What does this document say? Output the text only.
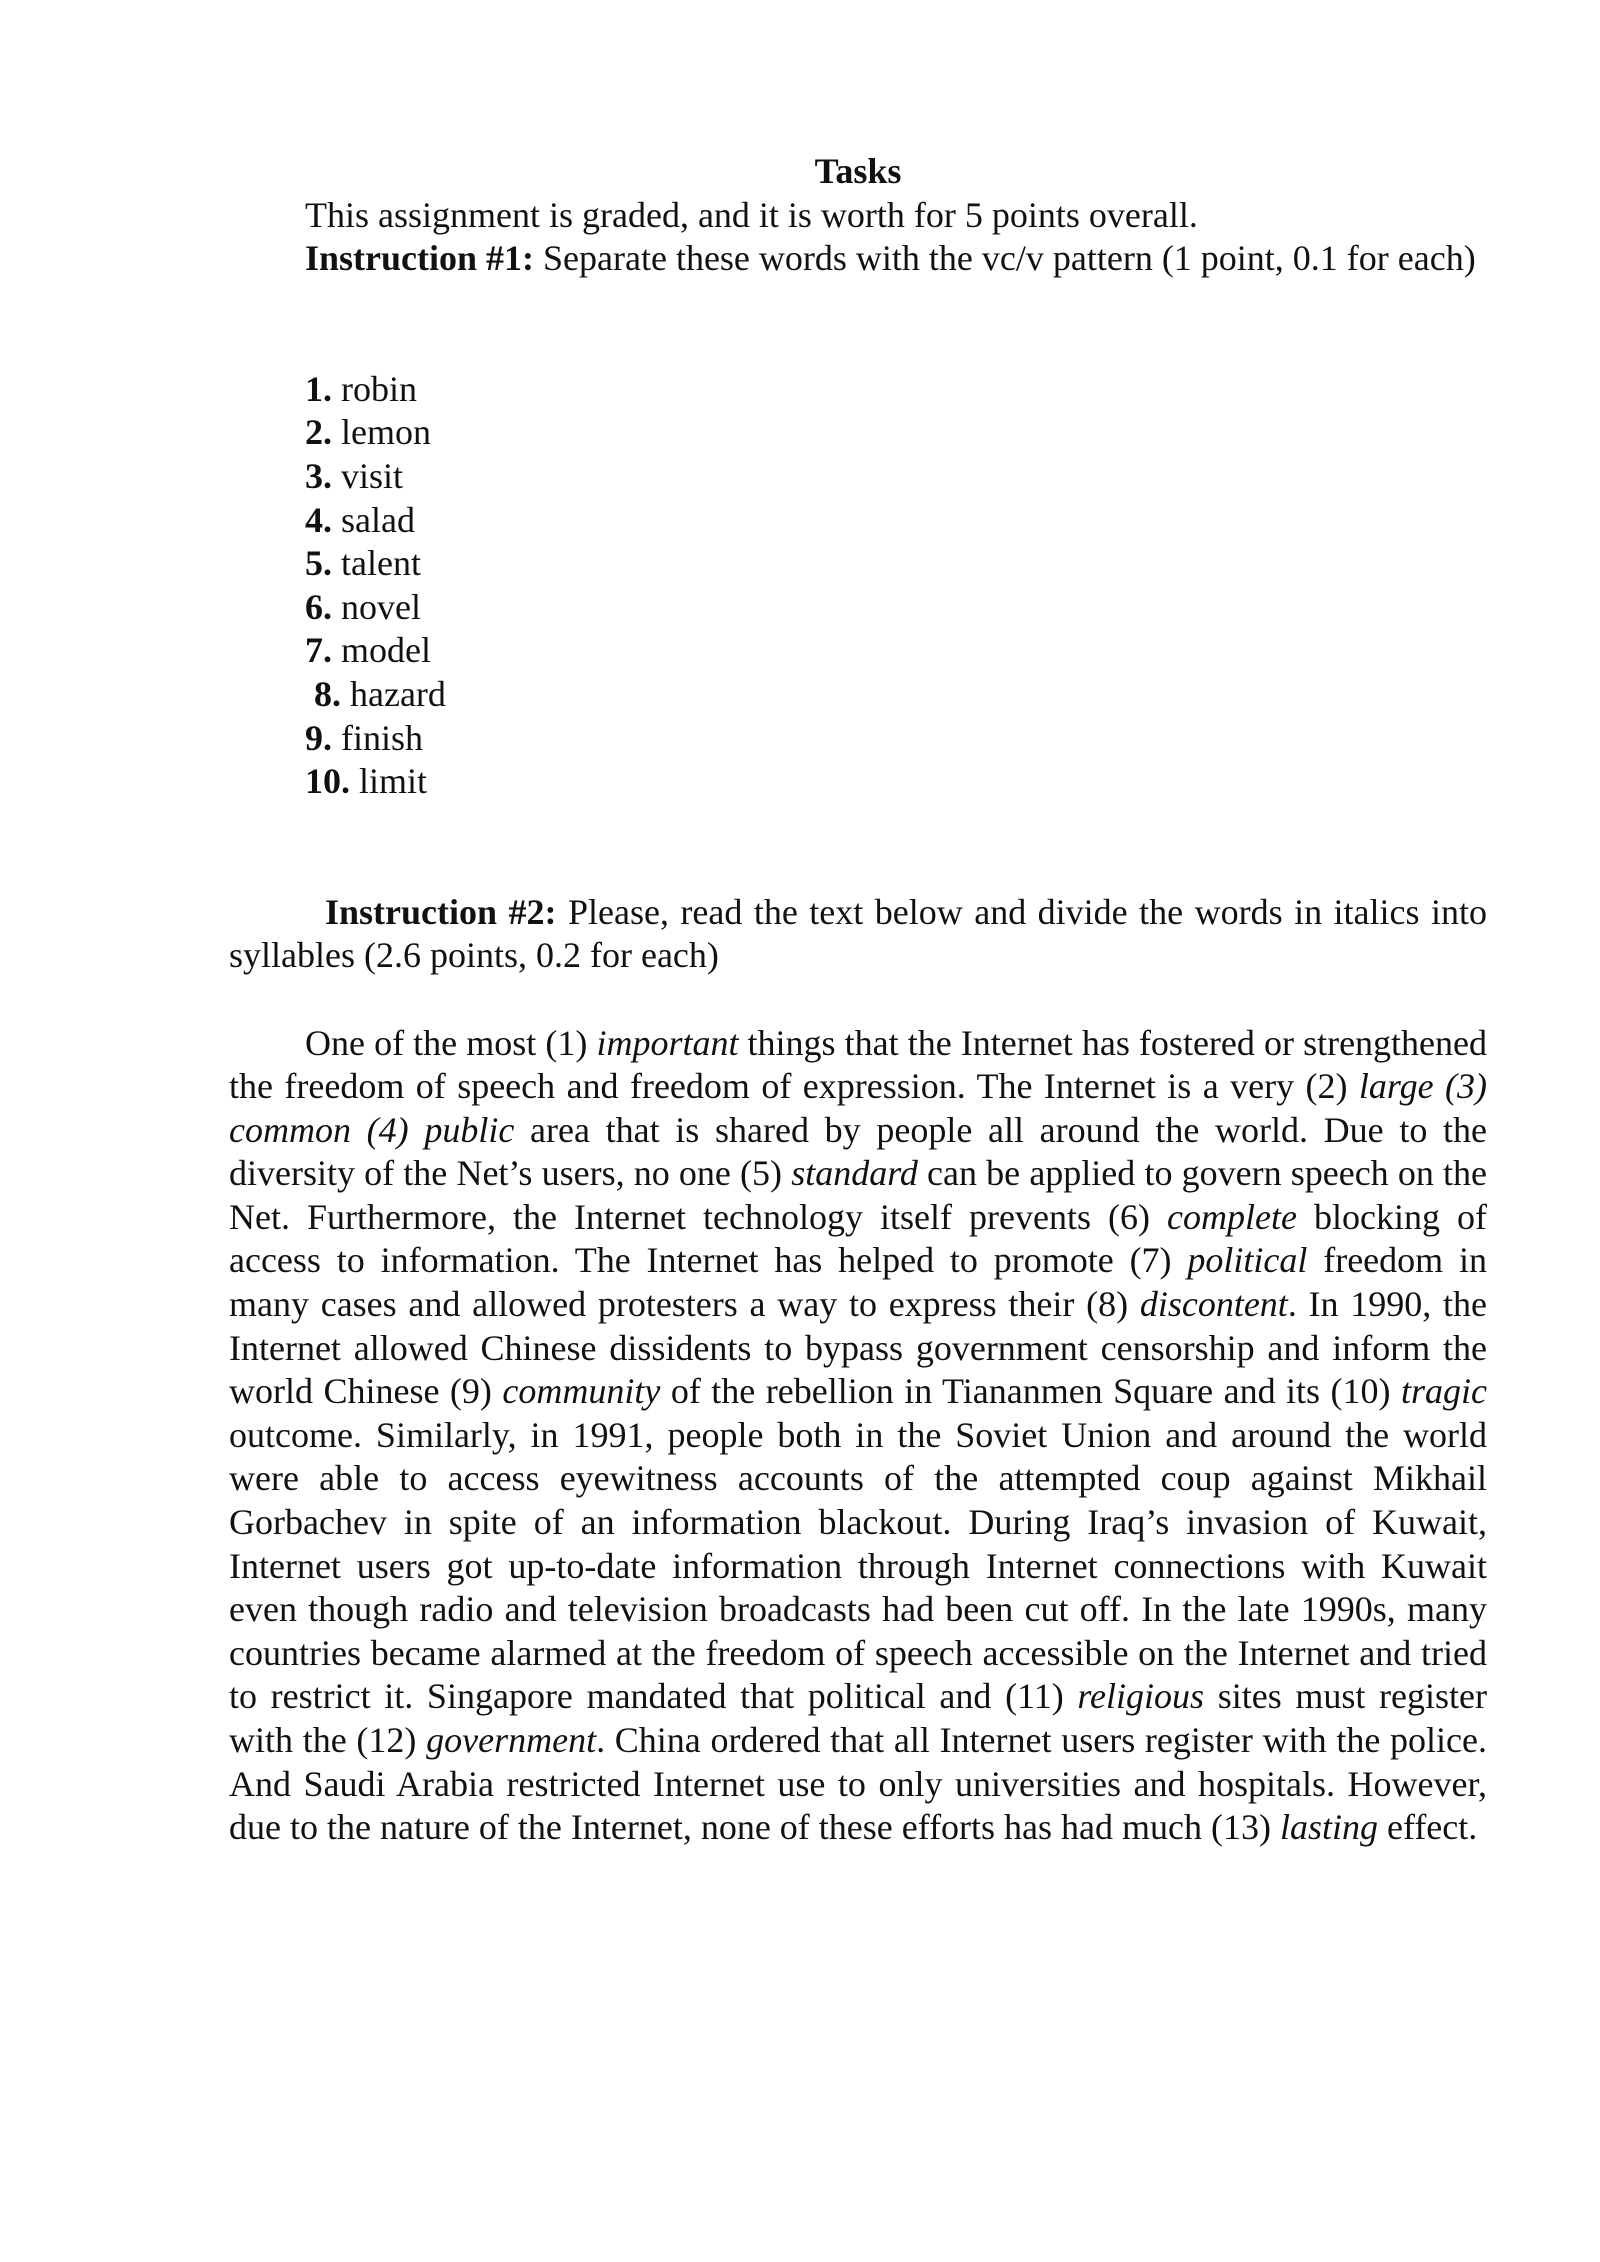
Tasks

This assignment is graded, and it is worth for 5 points overall.

Instruction #1: Separate these words with the vc/v pattern (1 point, 0.1 for each)

1. robin
2. lemon
3. visit
4. salad
5. talent
6. novel
7. model
8. hazard
9. finish
10. limit

Instruction #2: Please, read the text below and divide the words in italics into syllables (2.6 points, 0.2 for each)

One of the most (1) important things that the Internet has fostered or strengthened the freedom of speech and freedom of expression. The Internet is a very (2) large (3) common (4) public area that is shared by people all around the world. Due to the diversity of the Net’s users, no one (5) standard can be applied to govern speech on the Net. Furthermore, the Internet technology itself prevents (6) complete blocking of access to information. The Internet has helped to promote (7) political freedom in many cases and allowed protesters a way to express their (8) discontent. In 1990, the Internet allowed Chinese dissidents to bypass government censorship and inform the world Chinese (9) community of the rebellion in Tiananmen Square and its (10) tragic outcome. Similarly, in 1991, people both in the Soviet Union and around the world were able to access eyewitness accounts of the attempted coup against Mikhail Gorbachev in spite of an information blackout. During Iraq’s invasion of Kuwait, Internet users got up-to-date information through Internet connections with Kuwait even though radio and television broadcasts had been cut off. In the late 1990s, many countries became alarmed at the freedom of speech accessible on the Internet and tried to restrict it. Singapore mandated that political and (11) religious sites must register with the (12) government. China ordered that all Internet users register with the police. And Saudi Arabia restricted Internet use to only universities and hospitals. However, due to the nature of the Internet, none of these efforts has had much (13) lasting effect.
